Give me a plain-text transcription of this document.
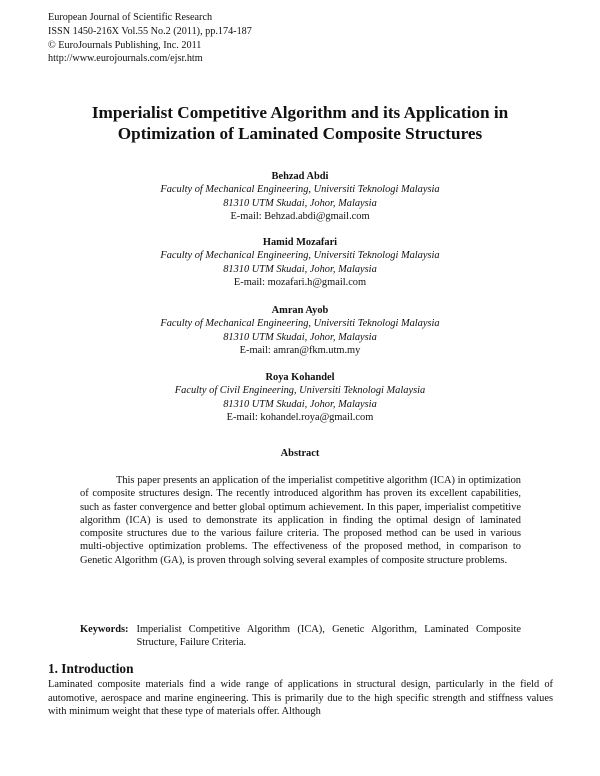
European Journal of Scientific Research
ISSN 1450-216X Vol.55 No.2 (2011), pp.174-187
© EuroJournals Publishing, Inc. 2011
http://www.eurojournals.com/ejsr.htm
Imperialist Competitive Algorithm and its Application in
Optimization of Laminated Composite Structures
Behzad Abdi
Faculty of Mechanical Engineering, Universiti Teknologi Malaysia
81310 UTM Skudai, Johor, Malaysia
E-mail: Behzad.abdi@gmail.com
Hamid Mozafari
Faculty of Mechanical Engineering, Universiti Teknologi Malaysia
81310 UTM Skudai, Johor, Malaysia
E-mail: mozafari.h@gmail.com
Amran Ayob
Faculty of Mechanical Engineering, Universiti Teknologi Malaysia
81310 UTM Skudai, Johor, Malaysia
E-mail: amran@fkm.utm.my
Roya Kohandel
Faculty of Civil Engineering, Universiti Teknologi Malaysia
81310 UTM Skudai, Johor, Malaysia
E-mail: kohandel.roya@gmail.com
Abstract
This paper presents an application of the imperialist competitive algorithm (ICA) in optimization of composite structures design. The recently introduced algorithm has proven its excellent capabilities, such as faster convergence and better global optimum achievement. In this paper, imperialist competitive algorithm (ICA) is used to demonstrate its application in finding the optimal design of laminated composite structures due to the various failure criteria. The proposed method can be used in various multi-objective optimization problems. The effectiveness of the proposed method, in comparison to Genetic Algorithm (GA), is proven through solving several examples of composite structure problems.
Keywords: Imperialist Competitive Algorithm (ICA), Genetic Algorithm, Laminated Composite Structure, Failure Criteria.
1. Introduction
Laminated composite materials find a wide range of applications in structural design, particularly in the field of automotive, aerospace and marine engineering. This is primarily due to the high specific strength and stiffness values with minimum weight that these type of materials offer. Although
